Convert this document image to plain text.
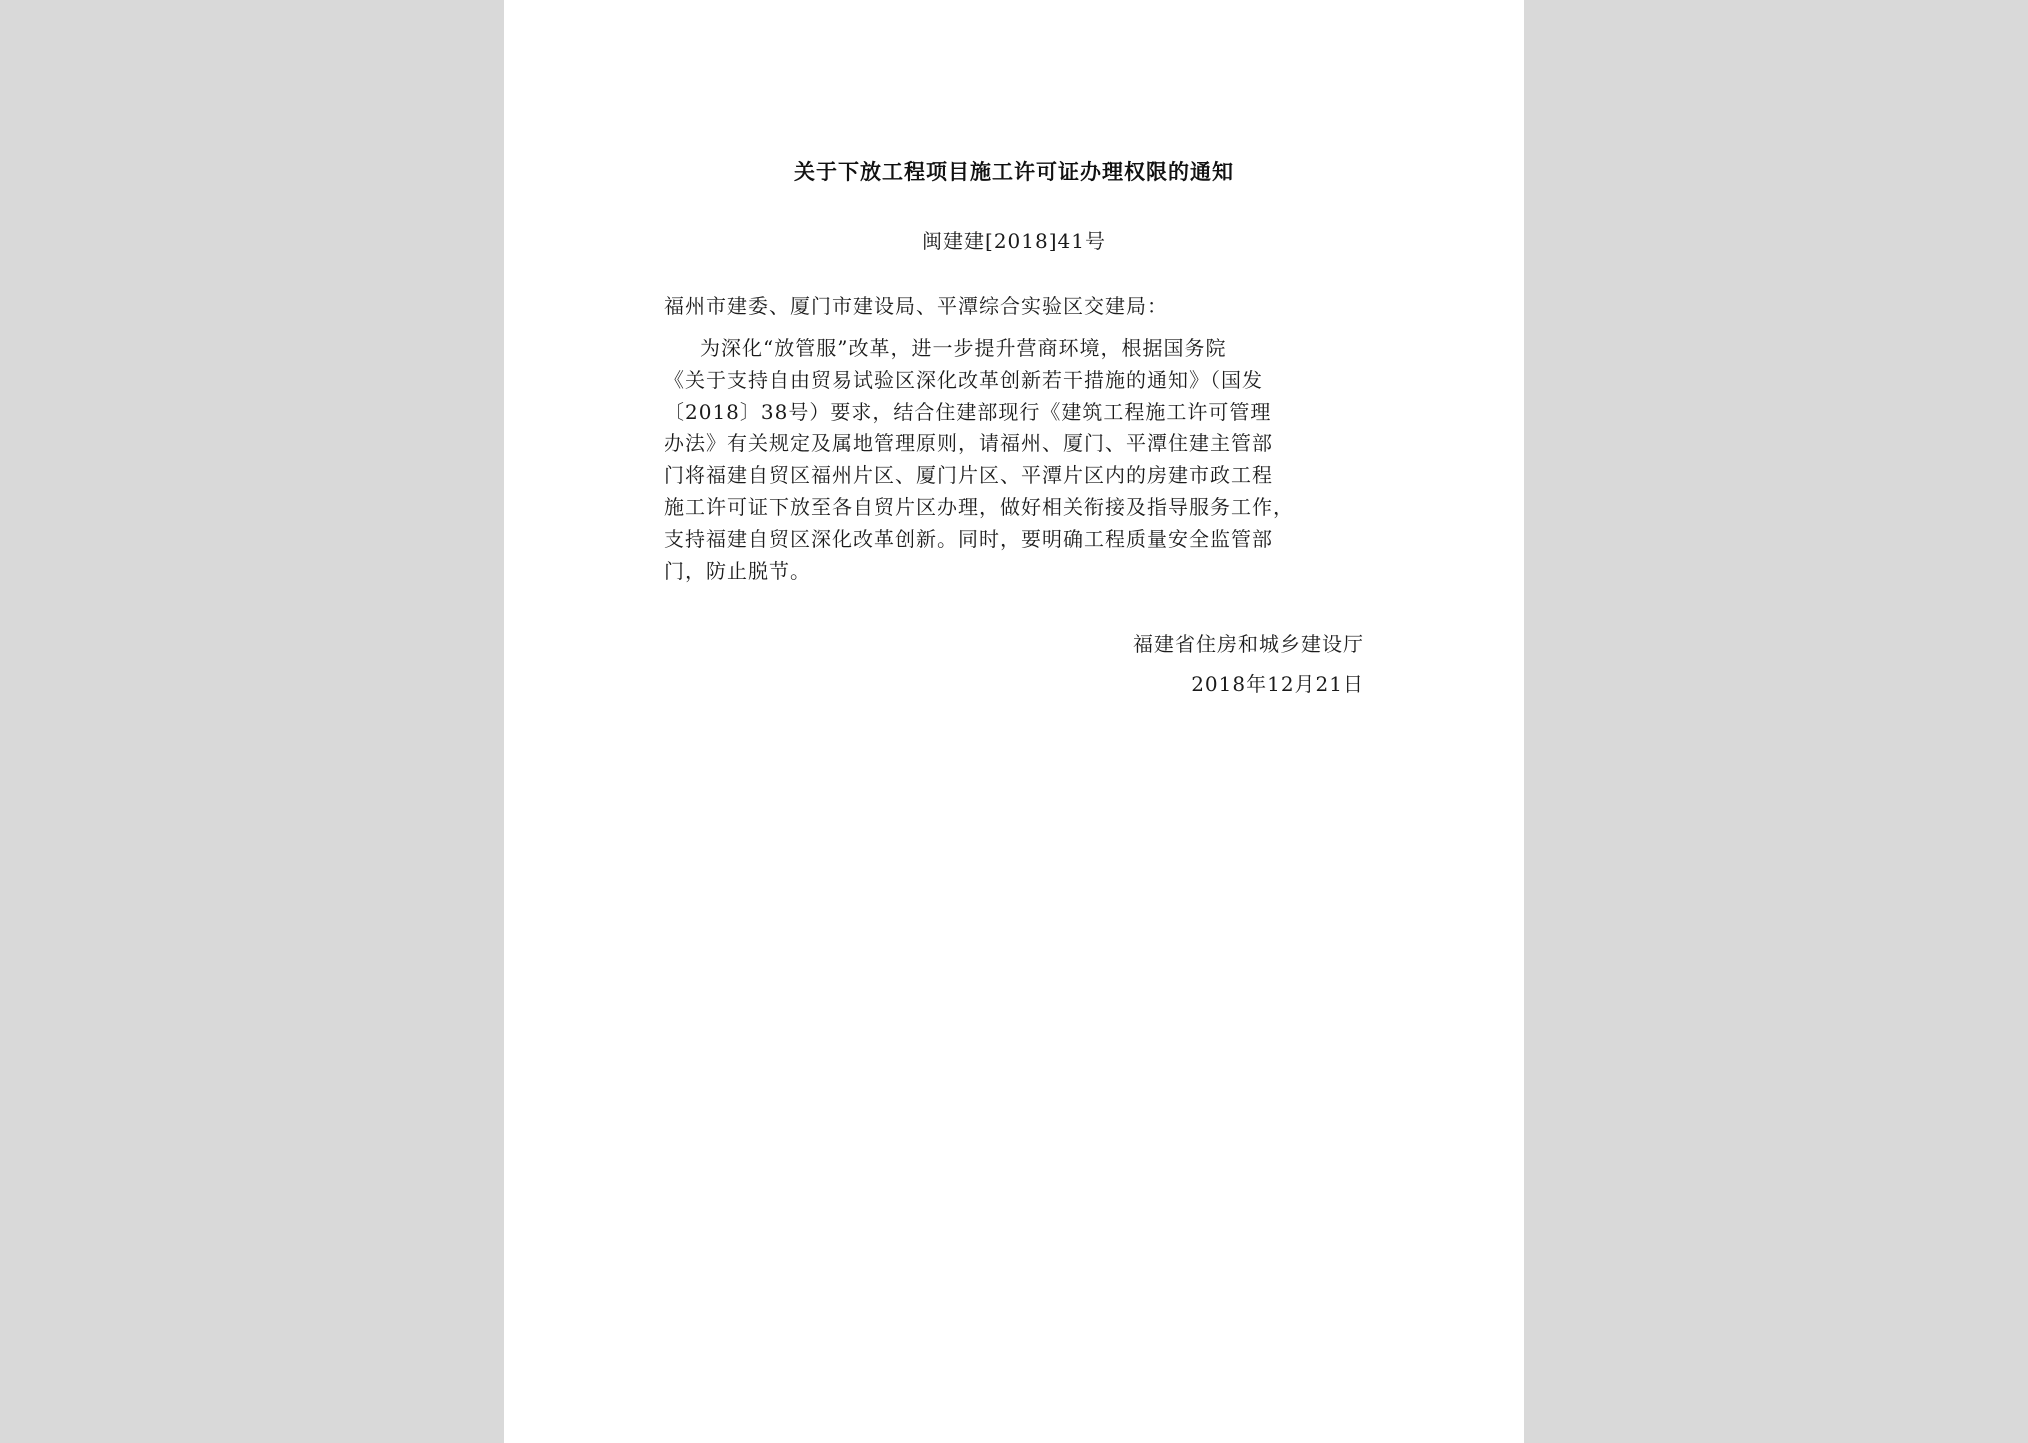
关于下放工程项目施工许可证办理权限的通知
闽建建[2018]41号
福州市建委、厦门市建设局、平潭综合实验区交建局：
为深化“放管服”改革，进一步提升营商环境，根据国务院
《关于支持自由贸易试验区深化改革创新若干措施的通知》（国发
〔2018〕38号）要求，结合住建部现行《建筑工程施工许可管理
办法》有关规定及属地管理原则，请福州、厦门、平潭住建主管部
门将福建自贸区福州片区、厦门片区、平潭片区内的房建市政工程
施工许可证下放至各自贸片区办理，做好相关衔接及指导服务工作，
支持福建自贸区深化改革创新。同时，要明确工程质量安全监管部
门，防止脱节。
福建省住房和城乡建设厅
2018年12月21日
